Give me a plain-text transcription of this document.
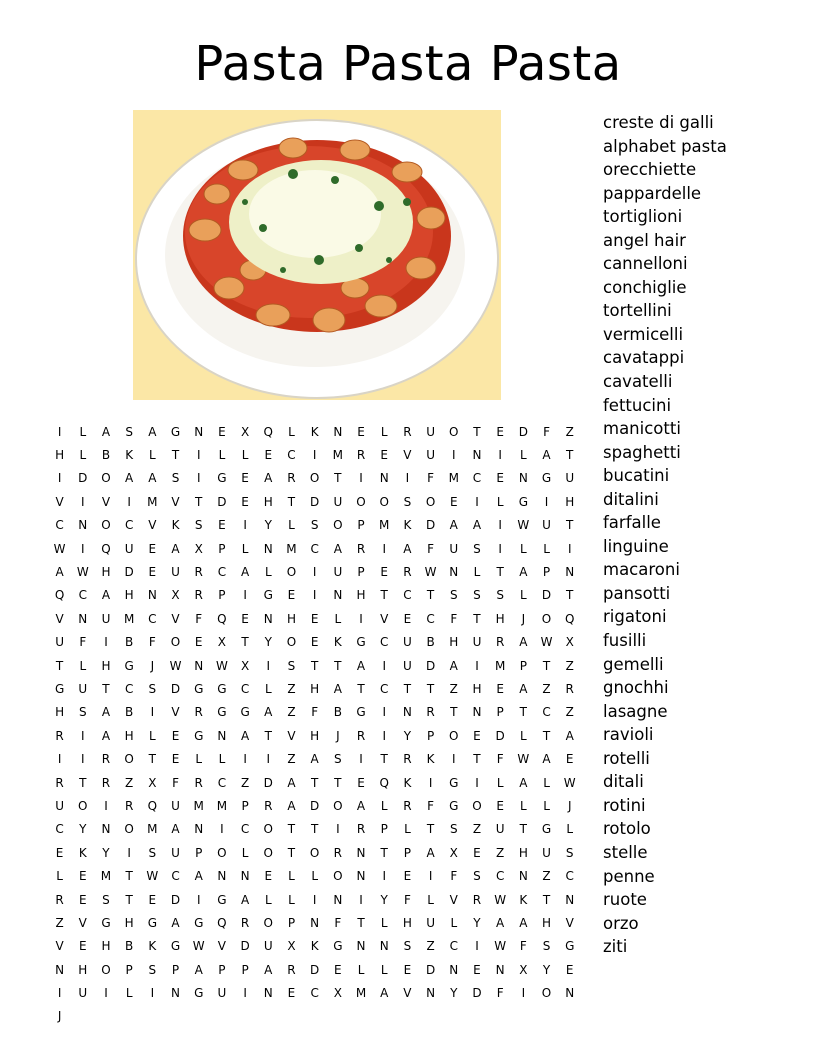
Pasta Pasta Pasta
I	L	A	S	A	G	N	E	X	Q	L	K	N	E	L	R	U	O	T	E	D	F	Z
H	L	B	K	L	T	I	L	L	E	C	I	M	R	E	V	U	I	N	I	L	A	T
I	D	O	A	A	S	I	G	E	A	R	O	T	I	N	I	F	M	C	E	N	G	U
V	I	V	I	M	V	T	D	E	H	T	D	U	O	O	S	O	E	I	L	G	I	H
C	N	O	C	V	K	S	E	I	Y	L	S	O	P	M	K	D	A	A	I	W	U	T
W	I	Q	U	E	A	X	P	L	N	M	C	A	R	I	A	F	U	S	I	L	L	I
A	W	H	D	E	U	R	C	A	L	O	I	U	P	E	R	W	N	L	T	A	P	N
Q	C	A	H	N	X	R	P	I	G	E	I	N	H	T	C	T	S	S	S	L	D	T
V	N	U	M	C	V	F	Q	E	N	H	E	L	I	V	E	C	F	T	H	J	O	Q
U	F	I	B	F	O	E	X	T	Y	O	E	K	G	C	U	B	H	U	R	A	W	X
T	L	H	G	J	W	N	W	X	I	S	T	T	A	I	U	D	A	I	M	P	T	Z
G	U	T	C	S	D	G	G	C	L	Z	H	A	T	C	T	T	Z	H	E	A	Z	R
H	S	A	B	I	V	R	G	G	A	Z	F	B	G	I	N	R	T	N	P	T	C	Z
R	I	A	H	L	E	G	N	A	T	V	H	J	R	I	Y	P	O	E	D	L	T	A
I	I	R	O	T	E	L	L	I	I	Z	A	S	I	T	R	K	I	T	F	W	A	E
R	T	R	Z	X	F	R	C	Z	D	A	T	T	E	Q	K	I	G	I	L	A	L	W
U	O	I	R	Q	U	M	M	P	R	A	D	O	A	L	R	F	G	O	E	L	L	J
C	Y	N	O	M	A	N	I	C	O	T	T	I	R	P	L	T	S	Z	U	T	G	L
E	K	Y	I	S	U	P	O	L	O	T	O	R	N	T	P	A	X	E	Z	H	U	S
L	E	M	T	W	C	A	N	N	E	L	L	O	N	I	E	I	F	S	C	N	Z	C
R	E	S	T	E	D	I	G	A	L	L	I	N	I	Y	F	L	V	R	W	K	T	N
Z	V	G	H	G	A	G	Q	R	O	P	N	F	T	L	H	U	L	Y	A	A	H	V
V	E	H	B	K	G	W	V	D	U	X	K	G	N	N	S	Z	C	I	W	F	S	G
N	H	O	P	S	P	A	P	P	A	R	D	E	L	L	E	D	N	E	N	X	Y	E
I	U	I	L	I	N	G	U	I	N	E	C	X	M	A	V	N	Y	D	F	I	O	N
J
creste di galli
alphabet pasta
orecchiette
pappardelle
tortiglioni
angel hair
cannelloni
conchiglie
tortellini
vermicelli
cavatappi
cavatelli
fettucini
manicotti
spaghetti
bucatini
ditalini
farfalle
linguine
macaroni
pansotti
rigatoni
fusilli
gemelli
gnochhi
lasagne
ravioli
rotelli
ditali
rotini
rotolo
stelle
penne
ruote
orzo
ziti
